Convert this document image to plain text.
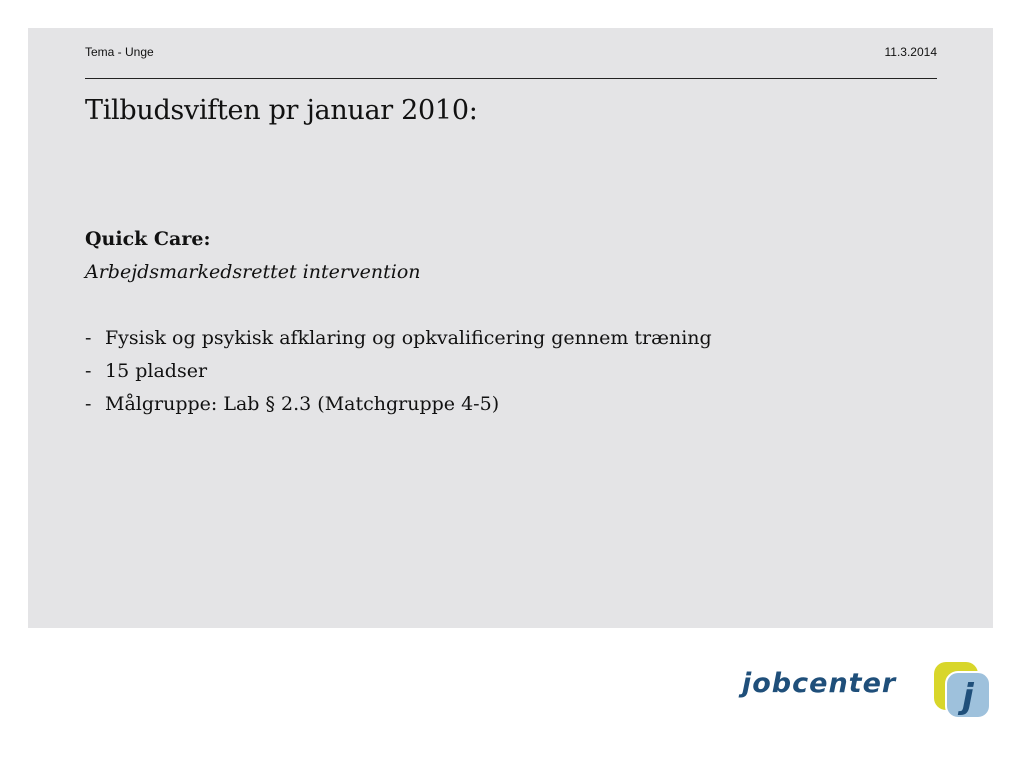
Tema - Unge	11.3.2014
Tilbudsviften pr januar 2010:
Quick Care:
Arbejdsmarkedsrettet intervention
- Fysisk og psykisk afklaring og opkvalificering gennem træning
- 15 pladser
- Målgruppe: Lab § 2.3 (Matchgruppe 4-5)
jobcenter j
